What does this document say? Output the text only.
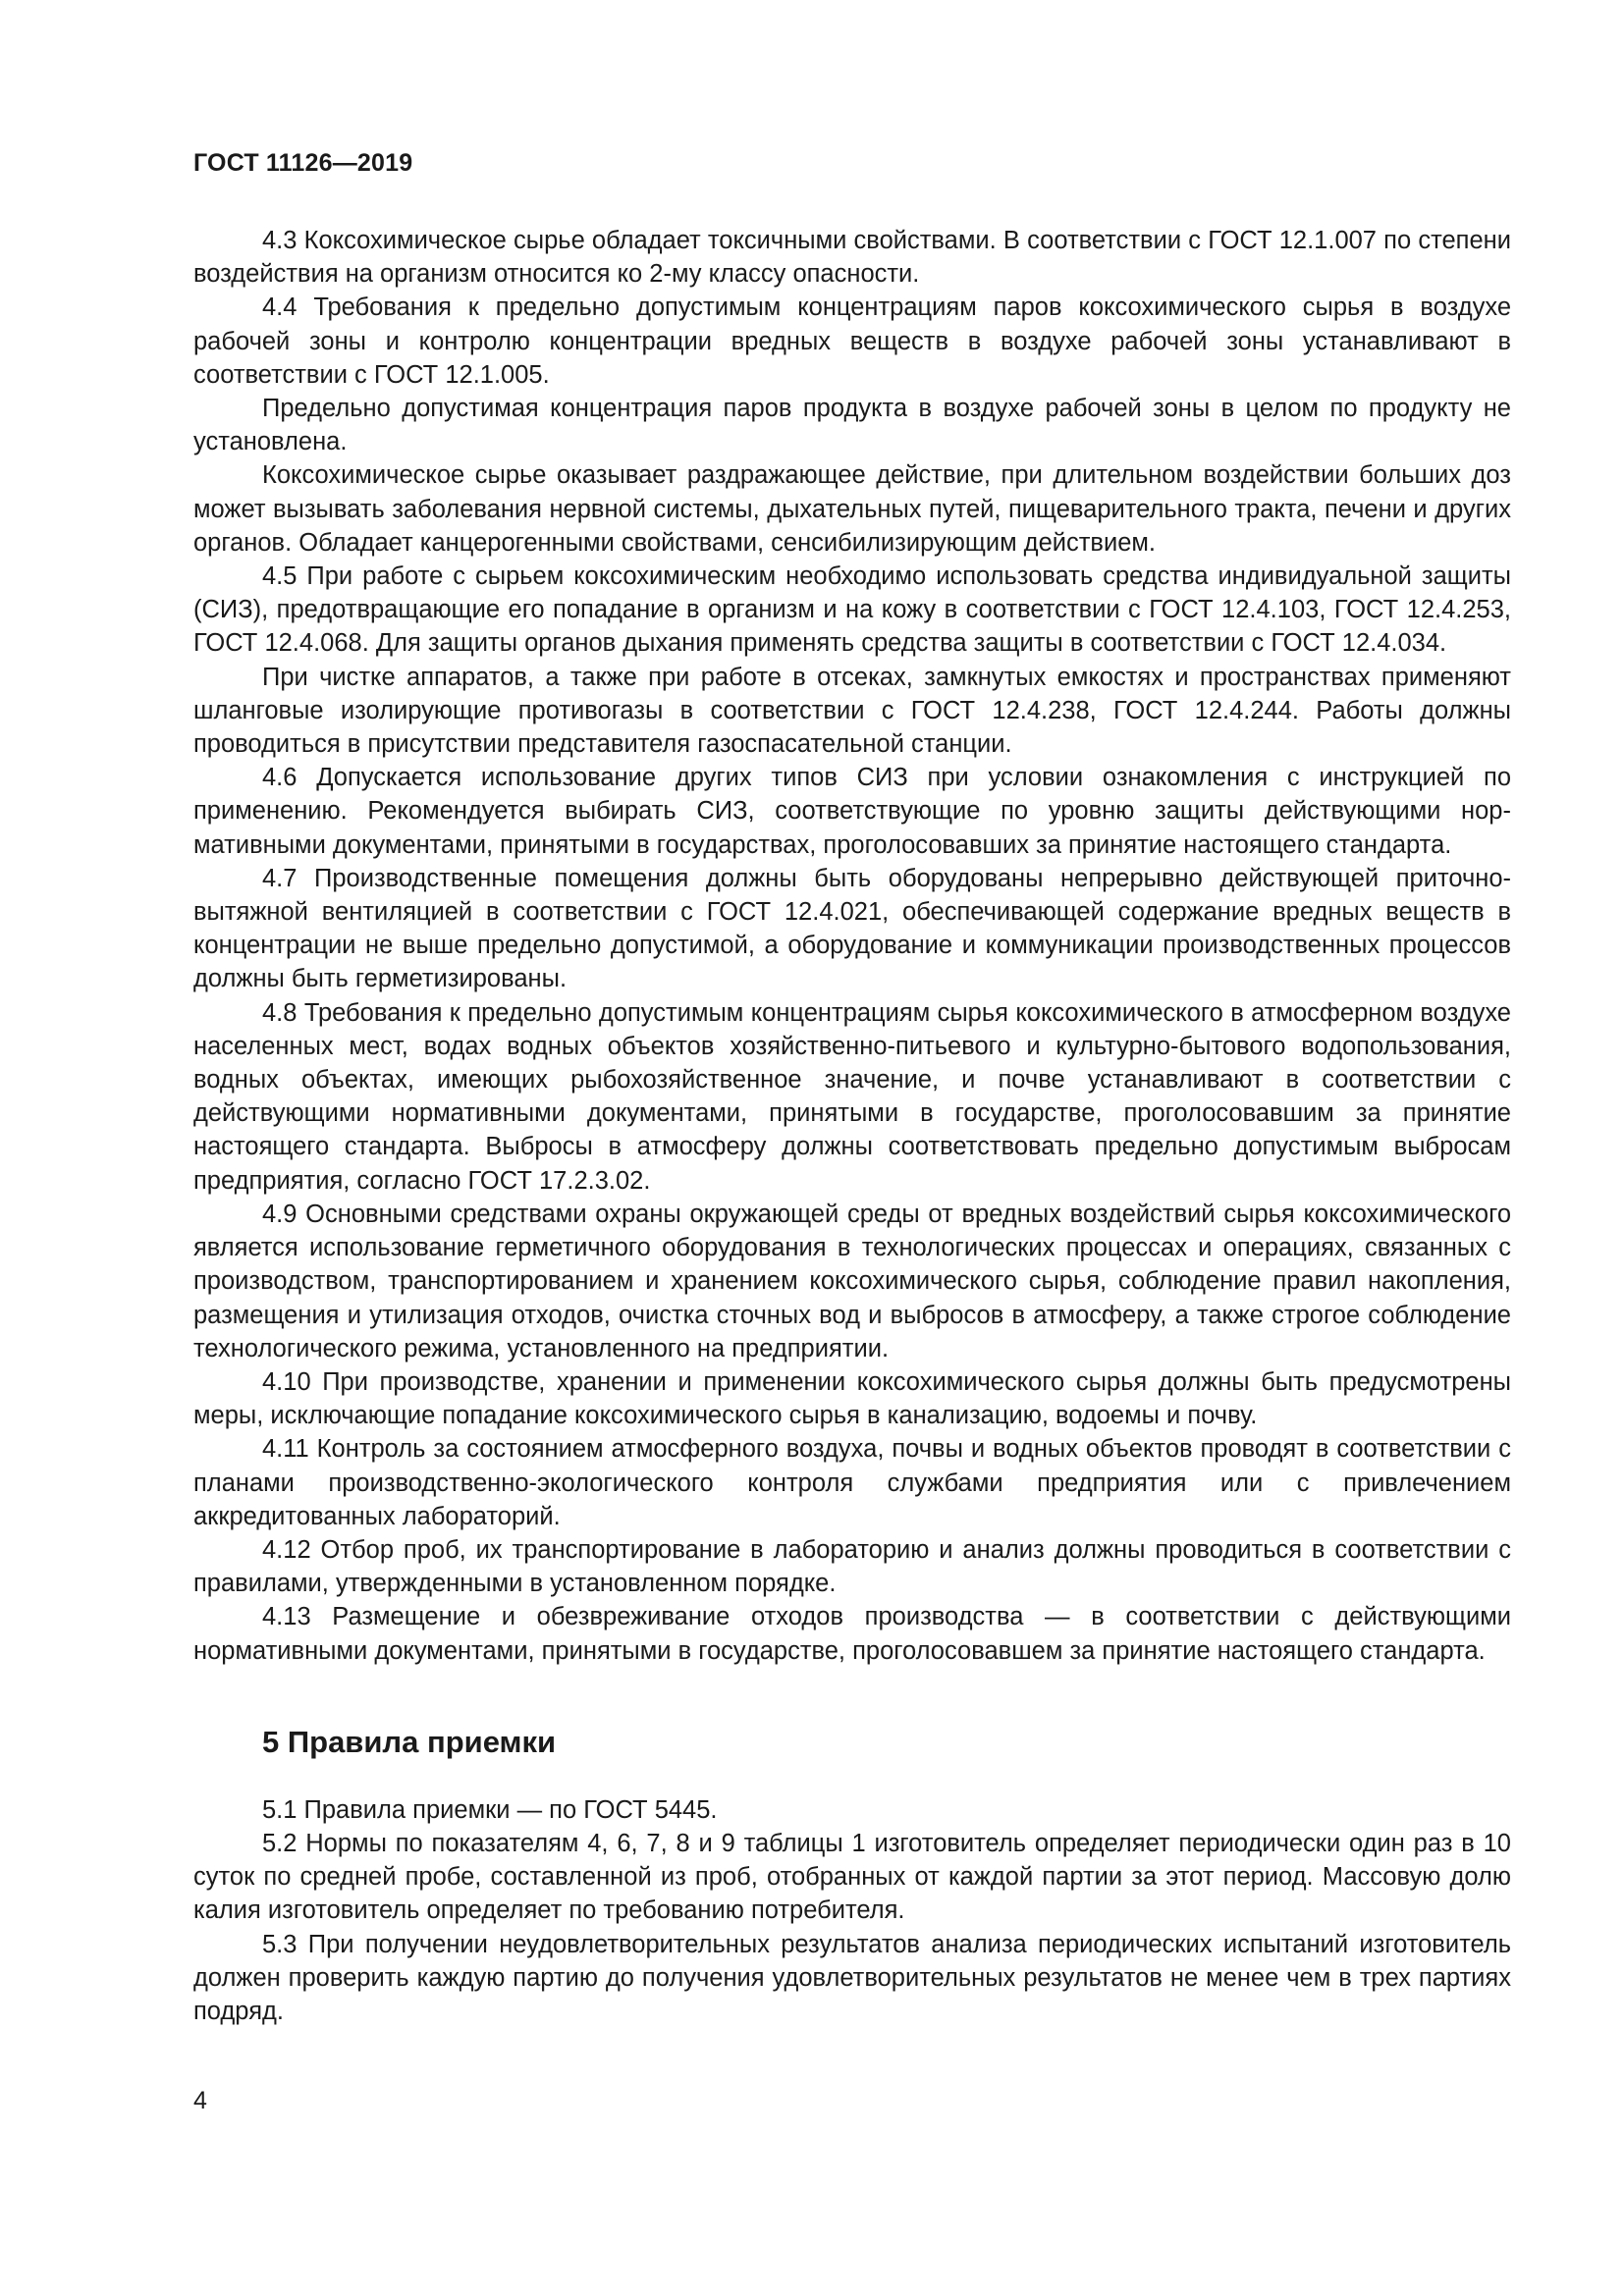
ГОСТ 11126—2019

4.3 Коксохимическое сырье обладает токсичными свойствами. В соответствии с ГОСТ 12.1.007 по степени воздействия на организм относится ко 2-му классу опасности.

4.4 Требования к предельно допустимым концентрациям паров коксохимического сырья в воздухе рабочей зоны и контролю концентрации вредных веществ в воздухе рабочей зоны устанавливают в соответствии с ГОСТ 12.1.005.

Предельно допустимая концентрация паров продукта в воздухе рабочей зоны в целом по продукту не установлена.

Коксохимическое сырье оказывает раздражающее действие, при длительном воздействии больших доз может вызывать заболевания нервной системы, дыхательных путей, пищеварительного тракта, печени и других органов. Обладает канцерогенными свойствами, сенсибилизирующим действием.

4.5 При работе с сырьем коксохимическим необходимо использовать средства индивидуальной защиты (СИЗ), предотвращающие его попадание в организм и на кожу в соответствии с ГОСТ 12.4.103, ГОСТ 12.4.253, ГОСТ 12.4.068. Для защиты органов дыхания применять средства защиты в соответствии с ГОСТ 12.4.034.

При чистке аппаратов, а также при работе в отсеках, замкнутых емкостях и пространствах применяют шланговые изолирующие противогазы в соответствии с ГОСТ 12.4.238, ГОСТ 12.4.244. Работы должны проводиться в присутствии представителя газоспасательной станции.

4.6 Допускается использование других типов СИЗ при условии ознакомления с инструкцией по применению. Рекомендуется выбирать СИЗ, соответствующие по уровню защиты действующими нормативными документами, принятыми в государствах, проголосовавших за принятие настоящего стандарта.

4.7 Производственные помещения должны быть оборудованы непрерывно действующей приточно-вытяжной вентиляцией в соответствии с ГОСТ 12.4.021, обеспечивающей содержание вредных веществ в концентрации не выше предельно допустимой, а оборудование и коммуникации производственных процессов должны быть герметизированы.

4.8 Требования к предельно допустимым концентрациям сырья коксохимического в атмосферном воздухе населенных мест, водах водных объектов хозяйственно-питьевого и культурно-бытового водопользования, водных объектах, имеющих рыбохозяйственное значение, и почве устанавливают в соответствии с действующими нормативными документами, принятыми в государстве, проголосовавшим за принятие настоящего стандарта. Выбросы в атмосферу должны соответствовать предельно допустимым выбросам предприятия, согласно ГОСТ 17.2.3.02.

4.9 Основными средствами охраны окружающей среды от вредных воздействий сырья коксохимического является использование герметичного оборудования в технологических процессах и операциях, связанных с производством, транспортированием и хранением коксохимического сырья, соблюдение правил накопления, размещения и утилизация отходов, очистка сточных вод и выбросов в атмосферу, а также строгое соблюдение технологического режима, установленного на предприятии.

4.10 При производстве, хранении и применении коксохимического сырья должны быть предусмотрены меры, исключающие попадание коксохимического сырья в канализацию, водоемы и почву.

4.11 Контроль за состоянием атмосферного воздуха, почвы и водных объектов проводят в соответствии с планами производственно-экологического контроля службами предприятия или с привлечением аккредитованных лабораторий.

4.12 Отбор проб, их транспортирование в лабораторию и анализ должны проводиться в соответствии с правилами, утвержденными в установленном порядке.

4.13 Размещение и обезвреживание отходов производства — в соответствии с действующими нормативными документами, принятыми в государстве, проголосовавшем за принятие настоящего стандарта.

5 Правила приемки

5.1 Правила приемки — по ГОСТ 5445.

5.2 Нормы по показателям 4, 6, 7, 8 и 9 таблицы 1 изготовитель определяет периодически один раз в 10 суток по средней пробе, составленной из проб, отобранных от каждой партии за этот период. Массовую долю калия изготовитель определяет по требованию потребителя.

5.3 При получении неудовлетворительных результатов анализа периодических испытаний изготовитель должен проверить каждую партию до получения удовлетворительных результатов не менее чем в трех партиях подряд.

4
